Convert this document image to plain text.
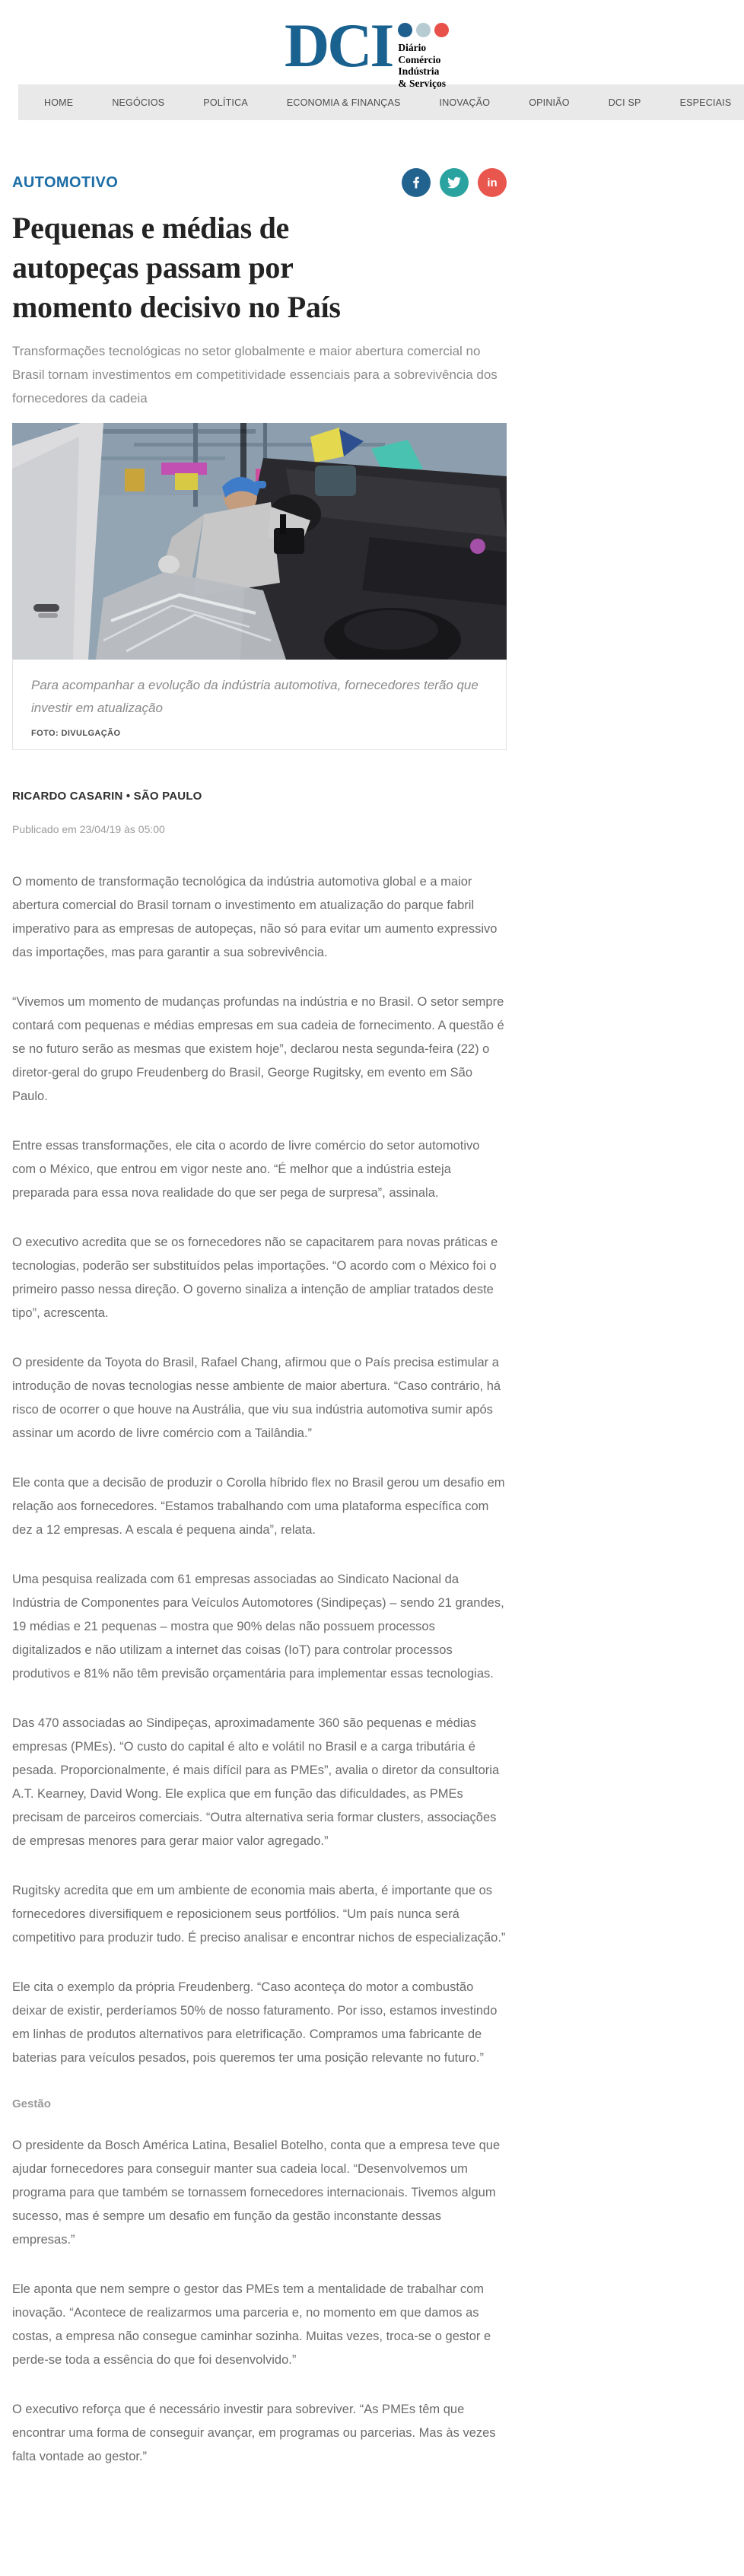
DCI Diário
Comércio
Indústria
& Serviços
HOME	NEGÓCIOS	POLÍTICA	ECONOMIA & FINANÇAS	INOVAÇÃO	OPINIÃO	DCI SP	ESPECIAIS
AUTOMOTIVO	in
Pequenas e médias de autopeças passam por momento decisivo no País

Transformações tecnológicas no setor globalmente e maior abertura comercial no Brasil tornam investimentos em competitividade essenciais para a sobrevivência dos fornecedores da cadeia

Para acompanhar a evolução da indústria automotiva, fornecedores terão que investir em atualização
FOTO: DIVULGAÇÃO
RICARDO CASARIN • SÃO PAULO
Publicado em 23/04/19 às 05:00

O momento de transformação tecnológica da indústria automotiva global e a maior abertura comercial do Brasil tornam o investimento em atualização do parque fabril imperativo para as empresas de autopeças, não só para evitar um aumento expressivo das importações, mas para garantir a sua sobrevivência.

“Vivemos um momento de mudanças profundas na indústria e no Brasil. O setor sempre contará com pequenas e médias empresas em sua cadeia de fornecimento. A questão é se no futuro serão as mesmas que existem hoje”, declarou nesta segunda-feira (22) o diretor-geral do grupo Freudenberg do Brasil, George Rugitsky, em evento em São Paulo.

Entre essas transformações, ele cita o acordo de livre comércio do setor automotivo com o México, que entrou em vigor neste ano. “É melhor que a indústria esteja preparada para essa nova realidade do que ser pega de surpresa”, assinala.

O executivo acredita que se os fornecedores não se capacitarem para novas práticas e tecnologias, poderão ser substituídos pelas importações. “O acordo com o México foi o primeiro passo nessa direção. O governo sinaliza a intenção de ampliar tratados deste tipo”, acrescenta.

O presidente da Toyota do Brasil, Rafael Chang, afirmou que o País precisa estimular a introdução de novas tecnologias nesse ambiente de maior abertura. “Caso contrário, há risco de ocorrer o que houve na Austrália, que viu sua indústria automotiva sumir após assinar um acordo de livre comércio com a Tailândia.”

Ele conta que a decisão de produzir o Corolla híbrido flex no Brasil gerou um desafio em relação aos fornecedores. “Estamos trabalhando com uma plataforma específica com dez a 12 empresas. A escala é pequena ainda”, relata.

Uma pesquisa realizada com 61 empresas associadas ao Sindicato Nacional da Indústria de Componentes para Veículos Automotores (Sindipeças) – sendo 21 grandes, 19 médias e 21 pequenas – mostra que 90% delas não possuem processos digitalizados e não utilizam a internet das coisas (IoT) para controlar processos produtivos e 81% não têm previsão orçamentária para implementar essas tecnologias.

Das 470 associadas ao Sindipeças, aproximadamente 360 são pequenas e médias empresas (PMEs). “O custo do capital é alto e volátil no Brasil e a carga tributária é pesada. Proporcionalmente, é mais difícil para as PMEs”, avalia o diretor da consultoria A.T. Kearney, David Wong. Ele explica que em função das dificuldades, as PMEs precisam de parceiros comerciais. “Outra alternativa seria formar clusters, associações de empresas menores para gerar maior valor agregado.”

Rugitsky acredita que em um ambiente de economia mais aberta, é importante que os fornecedores diversifiquem e reposicionem seus portfólios. “Um país nunca será competitivo para produzir tudo. É preciso analisar e encontrar nichos de especialização.”

Ele cita o exemplo da própria Freudenberg. “Caso aconteça do motor a combustão deixar de existir, perderíamos 50% de nosso faturamento. Por isso, estamos investindo em linhas de produtos alternativos para eletrificação. Compramos uma fabricante de baterias para veículos pesados, pois queremos ter uma posição relevante no futuro.”

Gestão

O presidente da Bosch América Latina, Besaliel Botelho, conta que a empresa teve que ajudar fornecedores para conseguir manter sua cadeia local. “Desenvolvemos um programa para que também se tornassem fornecedores internacionais. Tivemos algum sucesso, mas é sempre um desafio em função da gestão inconstante dessas empresas.”

Ele aponta que nem sempre o gestor das PMEs tem a mentalidade de trabalhar com inovação. “Acontece de realizarmos uma parceria e, no momento em que damos as costas, a empresa não consegue caminhar sozinha. Muitas vezes, troca-se o gestor e perde-se toda a essência do que foi desenvolvido.”

O executivo reforça que é necessário investir para sobreviver. “As PMEs têm que encontrar uma forma de conseguir avançar, em programas ou parcerias. Mas às vezes falta vontade ao gestor.”
